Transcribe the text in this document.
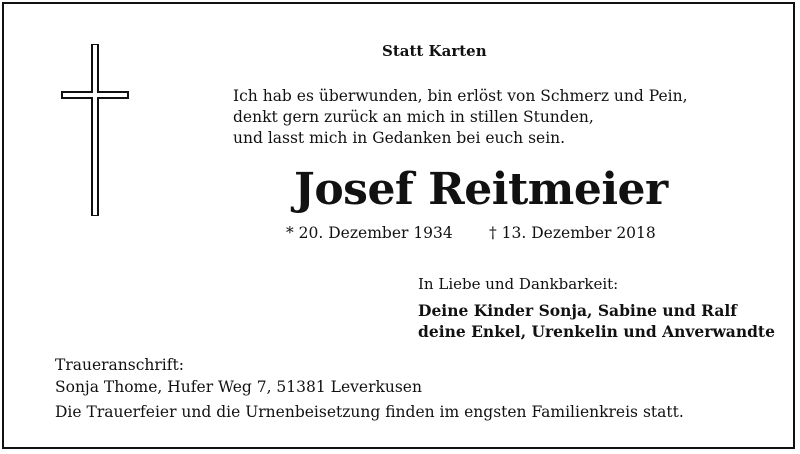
Statt Karten
Ich hab es überwunden, bin erlöst von Schmerz und Pein,
denkt gern zurück an mich in stillen Stunden,
und lasst mich in Gedanken bei euch sein.
Josef Reitmeier
* 20. Dezember 1934 † 13. Dezember 2018
In Liebe und Dankbarkeit:
Deine Kinder Sonja, Sabine und Ralf
deine Enkel, Urenkelin und Anverwandte
Traueranschrift:
Sonja Thome, Hufer Weg 7, 51381 Leverkusen
Die Trauerfeier und die Urnenbeisetzung finden im engsten Familienkreis statt.
